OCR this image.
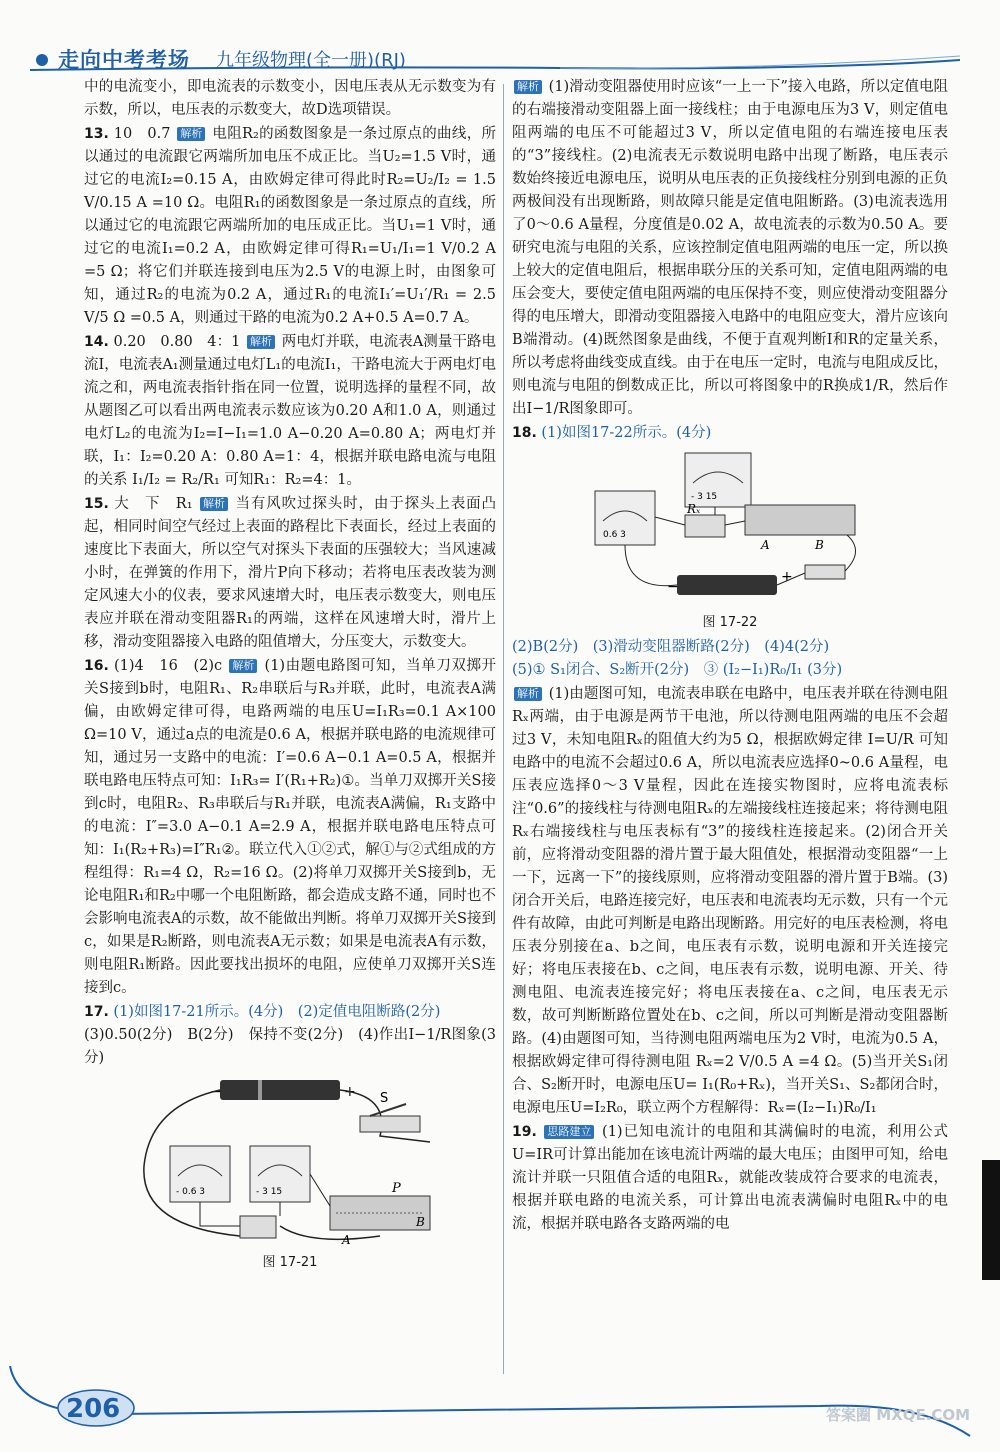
走向中考考场 九年级物理(全一册)(RJ)

中的电流变小，即电流表的示数变小，因电压表从无示数变为有示数，所以，电压表的示数变大，故D选项错误。

13. 10　0.7 解析 电阻R₂的函数图象是一条过原点的曲线，所以通过的电流跟它两端所加电压不成正比。当U₂=1.5 V时，通过它的电流I₂=0.15 A，由欧姆定律可得此时R₂=U₂/I₂ = 1.5 V/0.15 A =10 Ω。电阻R₁的函数图象是一条过原点的直线，所以通过它的电流跟它两端所加的电压成正比。当U₁=1 V时，通过它的电流I₁=0.2 A，由欧姆定律可得R₁=U₁/I₁=1 V/0.2 A =5 Ω；将它们并联连接到电压为2.5 V的电源上时，由图象可知，通过R₂的电流为0.2 A，通过R₁的电流I₁′=U₁′/R₁ = 2.5 V/5 Ω =0.5 A，则通过干路的电流为0.2 A+0.5 A=0.7 A。

14. 0.20　0.80　4：1 解析 两电灯并联，电流表A测量干路电流I，电流表A₁测量通过电灯L₁的电流I₁，干路电流大于两电灯电流之和，两电流表指针指在同一位置，说明选择的量程不同，故从题图乙可以看出两电流表示数应该为0.20 A和1.0 A，则通过电灯L₂的电流为I₂=I−I₁=1.0 A−0.20 A=0.80 A；两电灯并联，I₁：I₂=0.20 A：0.80 A=1：4，根据并联电路电流与电阻的关系 I₁/I₂ = R₂/R₁ 可知R₁：R₂=4：1。

15. 大　下　R₁ 解析 当有风吹过探头时，由于探头上表面凸起，相同时间空气经过上表面的路程比下表面长，经过上表面的速度比下表面大，所以空气对探头下表面的压强较大；当风速减小时，在弹簧的作用下，滑片P向下移动；若将电压表改装为测定风速大小的仪表，要求风速增大时，电压表示数变大，则电压表应并联在滑动变阻器R₁的两端，这样在风速增大时，滑片上移，滑动变阻器接入电路的阻值增大，分压变大，示数变大。

16. (1)4　16　(2)c 解析 (1)由题电路图可知，当单刀双掷开关S接到b时，电阻R₁、R₂串联后与R₃并联，此时，电流表A满偏，由欧姆定律可得，电路两端的电压U=I₁R₃=0.1 A×100 Ω=10 V，通过a点的电流是0.6 A，根据并联电路的电流规律可知，通过另一支路中的电流：I′=0.6 A−0.1 A=0.5 A，根据并联电路电压特点可知：I₁R₃= I′(R₁+R₂)①。当单刀双掷开关S接到c时，电阻R₂、R₃串联后与R₁并联，电流表A满偏，R₁支路中的电流：I″=3.0 A−0.1 A=2.9 A，根据并联电路电压特点可知：I₁(R₂+R₃)=I″R₁②。联立代入①②式，解①与②式组成的方程组得：R₁=4 Ω，R₂=16 Ω。(2)将单刀双掷开关S接到b，无论电阻R₁和R₂中哪一个电阻断路，都会造成支路不通，同时也不会影响电流表A的示数，故不能做出判断。将单刀双掷开关S接到c，如果是R₂断路，则电流表A无示数；如果是电流表A有示数，则电阻R₁断路。因此要找出损坏的电阻，应使单刀双掷开关S连接到c。

17. (1)如图17-21所示。(4分)　(2)定值电阻断路(2分)

(3)0.50(2分)　B(2分)　保持不变(2分)　(4)作出I−1/R图象(3分)

−	+ S
- 0.6 3	- 3 15	P
A
B
图 17-21

解析 (1)滑动变阻器使用时应该“一上一下”接入电路，所以定值电阻的右端接滑动变阻器上面一接线柱；由于电源电压为3 V，则定值电阻两端的电压不可能超过3 V，所以定值电阻的右端连接电压表的“3”接线柱。(2)电流表无示数说明电路中出现了断路，电压表示数始终接近电源电压，说明从电压表的正负接线柱分别到电源的正负两极间没有出现断路，则故障只能是定值电阻断路。(3)电流表选用了0～0.6 A量程，分度值是0.02 A，故电流表的示数为0.50 A。要研究电流与电阻的关系，应该控制定值电阻两端的电压一定，所以换上较大的定值电阻后，根据串联分压的关系可知，定值电阻两端的电压会变大，要使定值电阻两端的电压保持不变，则应使滑动变阻器分得的电压增大，即滑动变阻器接入电路中的电阻应变大，滑片应该向B端滑动。(4)既然图象是曲线，不便于直观判断I和R的定量关系，所以考虑将曲线变成直线。由于在电压一定时，电流与电阻成反比，则电流与电阻的倒数成正比，所以可将图象中的R换成1/R，然后作出I−1/R图象即可。

18. (1)如图17-22所示。(4分)

- 3 15
0.6 3
Rₓ
A	B
−
+
图 17-22

(2)B(2分)　(3)滑动变阻器断路(2分)　(4)4(2分)

(5)① S₁闭合、S₂断开(2分)　③ (I₂−I₁)R₀/I₁ (3分)

解析 (1)由题图可知，电流表串联在电路中，电压表并联在待测电阻Rₓ两端，由于电源是两节干电池，所以待测电阻两端的电压不会超过3 V，未知电阻Rₓ的阻值大约为5 Ω，根据欧姆定律 I=U/R 可知电路中的电流不会超过0.6 A，所以电流表应选择0~0.6 A量程，电压表应选择0～3 V量程，因此在连接实物图时，应将电流表标注“0.6”的接线柱与待测电阻Rₓ的左端接线柱连接起来；将待测电阻Rₓ右端接线柱与电压表标有“3”的接线柱连接起来。(2)闭合开关前，应将滑动变阻器的滑片置于最大阻值处，根据滑动变阻器“一上一下，远离一下”的接线原则，应将滑动变阻器的滑片置于B端。(3)闭合开关后，电路连接完好，电压表和电流表均无示数，只有一个元件有故障，由此可判断是电路出现断路。用完好的电压表检测，将电压表分别接在a、b之间，电压表有示数，说明电源和开关连接完好；将电压表接在b、c之间，电压表有示数，说明电源、开关、待测电阻、电流表连接完好；将电压表接在a、c之间，电压表无示数，故可判断断路位置处在b、c之间，所以可判断是滑动变阻器断路。(4)由题图可知，当待测电阻两端电压为2 V时，电流为0.5 A，根据欧姆定律可得待测电阻 Rₓ=2 V/0.5 A =4 Ω。(5)当开关S₁闭合、S₂断开时，电源电压U= I₁(R₀+Rₓ)，当开关S₁、S₂都闭合时，电源电压U=I₂R₀，联立两个方程解得：Rₓ=(I₂−I₁)R₀/I₁

19. 思路建立 (1)已知电流计的电阻和其满偏时的电流，利用公式U=IR可计算出能加在该电流计两端的最大电压；由图甲可知，给电流计并联一只阻值合适的电阻Rₓ，就能改装成符合要求的电流表，根据并联电路的电流关系，可计算出电流表满偏时电阻Rₓ中的电流，根据并联电路各支路两端的电

206	答案圈 MXQE.COM
